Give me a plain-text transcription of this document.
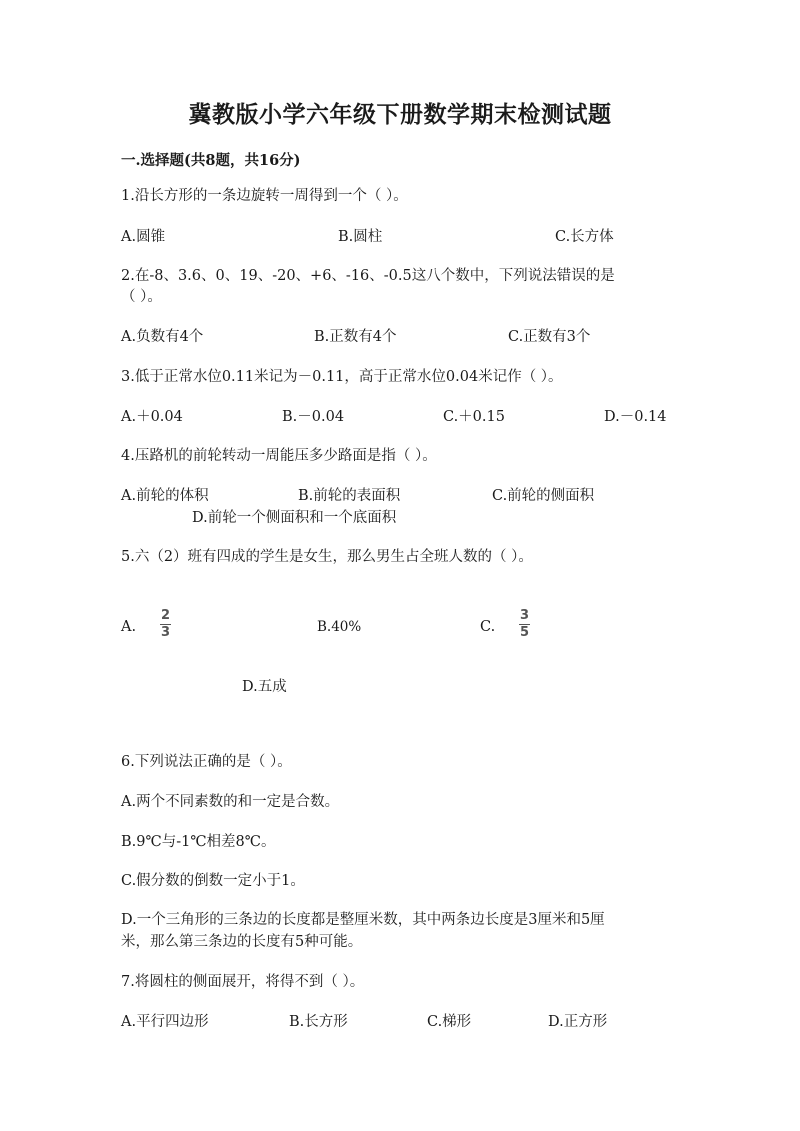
冀教版小学六年级下册数学期末检测试题
一.选择题(共8题，共16分)
1.沿长方形的一条边旋转一周得到一个（ ）。
A.圆锥	B.圆柱	C.长方体
2.在-8、3.6、0、19、-20、+6、-16、-0.5这八个数中，下列说法错误的是
（ ）。
A.负数有4个	B.正数有4个	C.正数有3个
3.低于正常水位0.11米记为－0.11，高于正常水位0.04米记作（ ）。
A.＋0.04	B.－0.04	C.＋0.15	D.－0.14
4.压路机的前轮转动一周能压多少路面是指（ ）。
A.前轮的体积	B.前轮的表面积	C.前轮的侧面积
D.前轮一个侧面积和一个底面积
5.六（2）班有四成的学生是女生，那么男生占全班人数的（ ）。
A.
2
3	B.40%	C.
3
5
D.五成
6.下列说法正确的是（ ）。
A.两个不同素数的和一定是合数。
B.9℃与-1℃相差8℃。
C.假分数的倒数一定小于1。
D.一个三角形的三条边的长度都是整厘米数，其中两条边长度是3厘米和5厘
米，那么第三条边的长度有5种可能。
7.将圆柱的侧面展开，将得不到（ ）。
A.平行四边形	B.长方形	C.梯形	D.正方形
